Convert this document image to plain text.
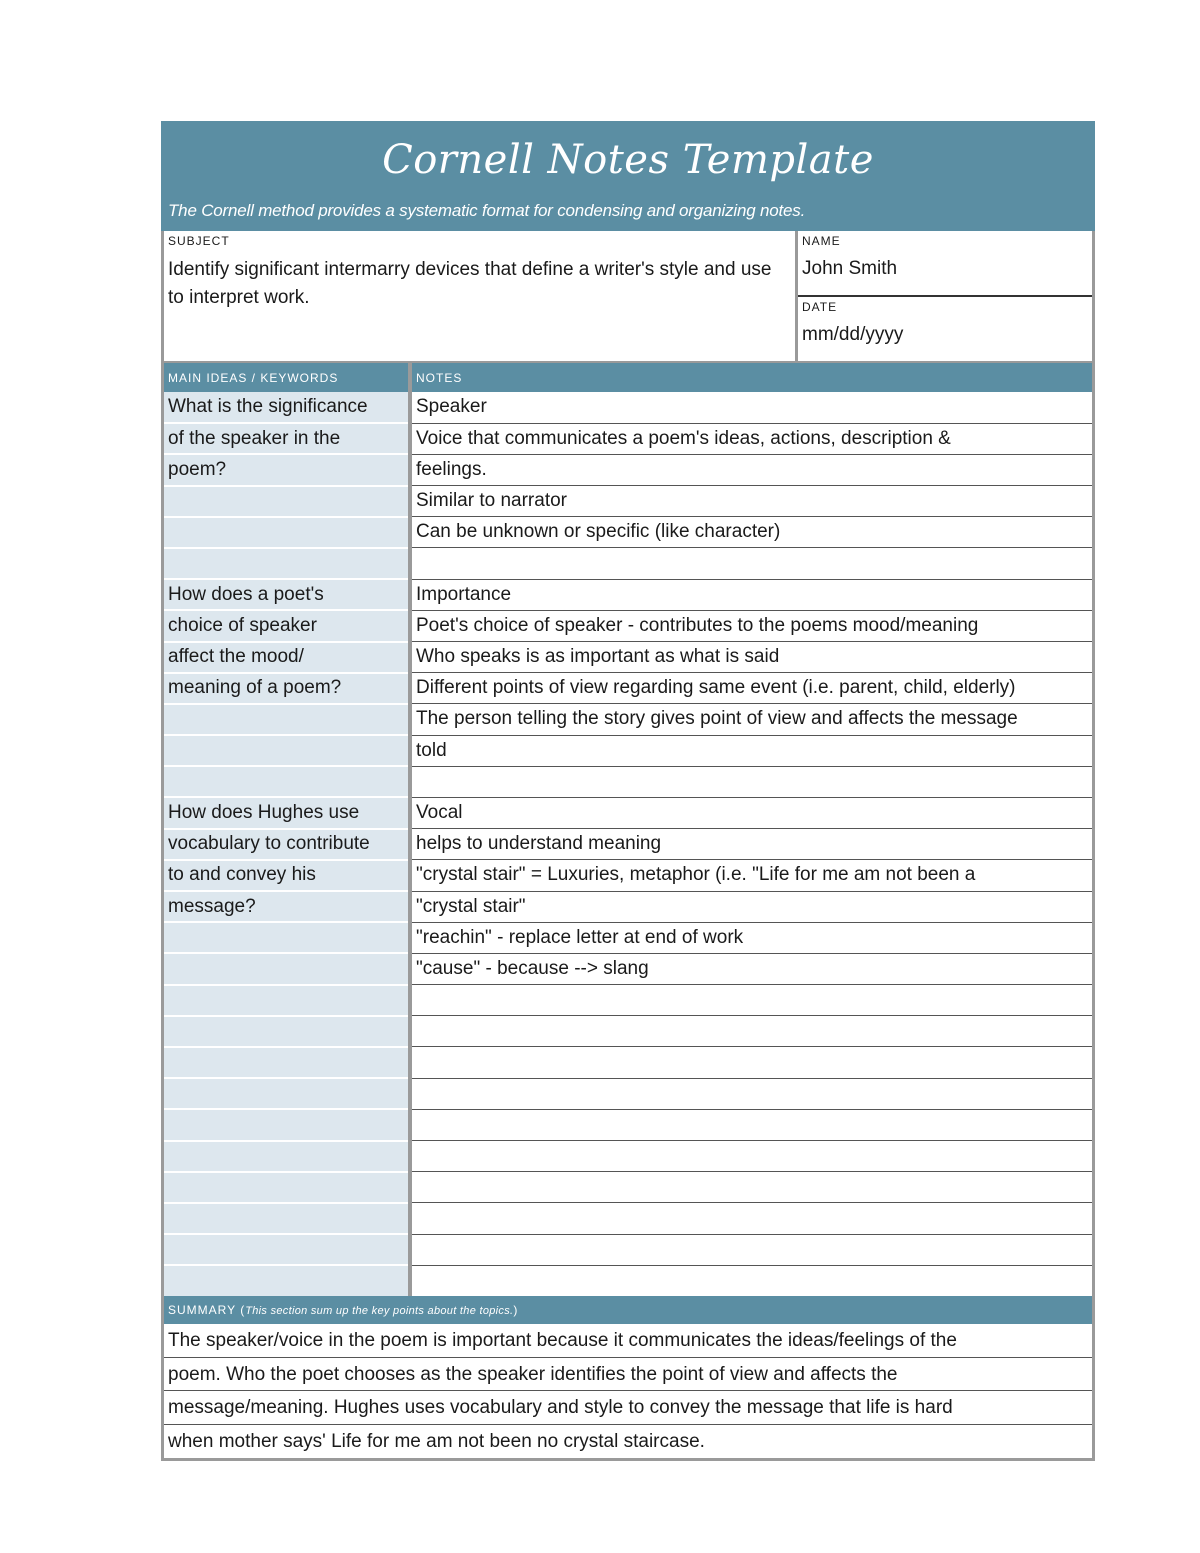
Cornell Notes Template
The Cornell method provides a systematic format for condensing and organizing notes.
SUBJECT
Identify significant intermarry devices that define a writer's style and use to interpret work.
NAME
John Smith
DATE
mm/dd/yyyy
MAIN IDEAS / KEYWORDS	NOTES
What is the significance	Speaker
of the speaker in the	Voice that communicates a poem's ideas, actions, description &
poem?	feelings.
	Similar to narrator
	Can be unknown or specific (like character)

How does a poet's	Importance
choice of speaker	Poet's choice of speaker - contributes to the poems mood/meaning
affect the mood/	Who speaks is as important as what is said
meaning of a poem?	Different points of view regarding same event (i.e. parent, child, elderly)
	The person telling the story gives point of view and affects the message
	told

How does Hughes use	Vocal
vocabulary to contribute	helps to understand meaning
to and convey his	"crystal stair" = Luxuries, metaphor (i.e. "Life for me am not been a
message?	"crystal stair"
	"reachin" - replace letter at end of work
	"cause" - because --> slang

SUMMARY (This section sum up the key points about the topics.)
The speaker/voice in the poem is important because it communicates the ideas/feelings of the
poem. Who the poet chooses as the speaker identifies the point of view and affects the
message/meaning. Hughes uses vocabulary and style to convey the message that life is hard
when mother says' Life for me am not been no crystal staircase.
